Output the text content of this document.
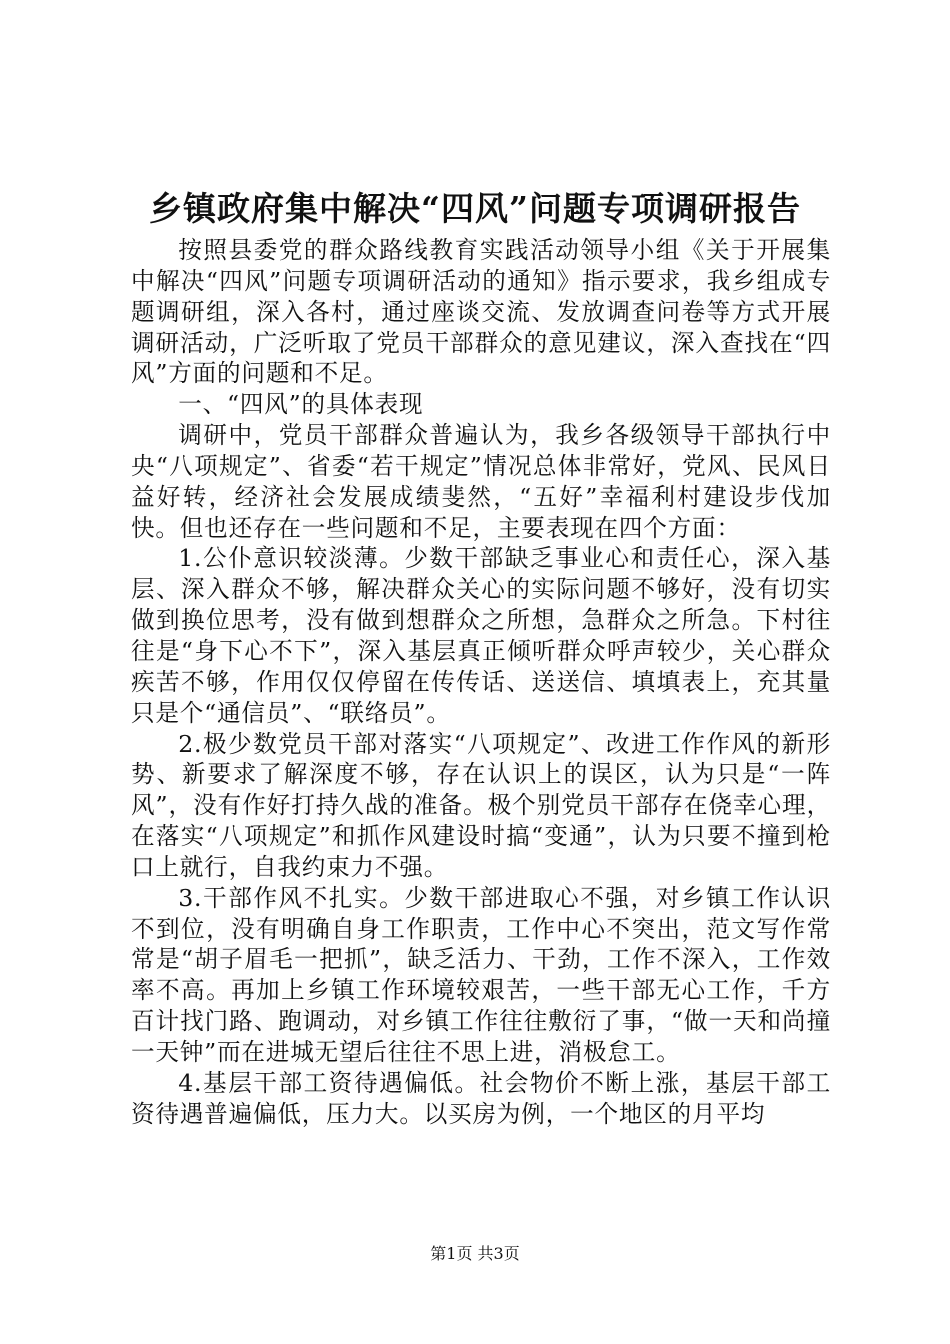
乡镇政府集中解决“四风”问题专项调研报告

按照县委党的群众路线教育实践活动领导小组《关于开展集中解决“四风”问题专项调研活动的通知》指示要求，我乡组成专题调研组，深入各村，通过座谈交流、发放调查问卷等方式开展调研活动，广泛听取了党员干部群众的意见建议，深入查找在“四风”方面的问题和不足。

一、“四风”的具体表现

调研中，党员干部群众普遍认为，我乡各级领导干部执行中央“八项规定”、省委“若干规定”情况总体非常好，党风、民风日益好转，经济社会发展成绩斐然，“五好”幸福利村建设步伐加快。但也还存在一些问题和不足，主要表现在四个方面：

1.公仆意识较淡薄。少数干部缺乏事业心和责任心，深入基层、深入群众不够，解决群众关心的实际问题不够好，没有切实做到换位思考，没有做到想群众之所想，急群众之所急。下村往往是“身下心不下”，深入基层真正倾听群众呼声较少，关心群众疾苦不够，作用仅仅停留在传传话、送送信、填填表上，充其量只是个“通信员”、“联络员”。

2.极少数党员干部对落实“八项规定”、改进工作作风的新形势、新要求了解深度不够，存在认识上的误区，认为只是“一阵风”，没有作好打持久战的准备。极个别党员干部存在侥幸心理，在落实“八项规定”和抓作风建设时搞“变通”，认为只要不撞到枪口上就行，自我约束力不强。

3.干部作风不扎实。少数干部进取心不强，对乡镇工作认识不到位，没有明确自身工作职责，工作中心不突出，范文写作常常是“胡子眉毛一把抓”，缺乏活力、干劲，工作不深入，工作效率不高。再加上乡镇工作环境较艰苦，一些干部无心工作，千方百计找门路、跑调动，对乡镇工作往往敷衍了事，“做一天和尚撞一天钟”而在进城无望后往往不思上进，消极怠工。

4.基层干部工资待遇偏低。社会物价不断上涨，基层干部工资待遇普遍偏低，压力大。以买房为例，一个地区的月平均

第1页 共3页
